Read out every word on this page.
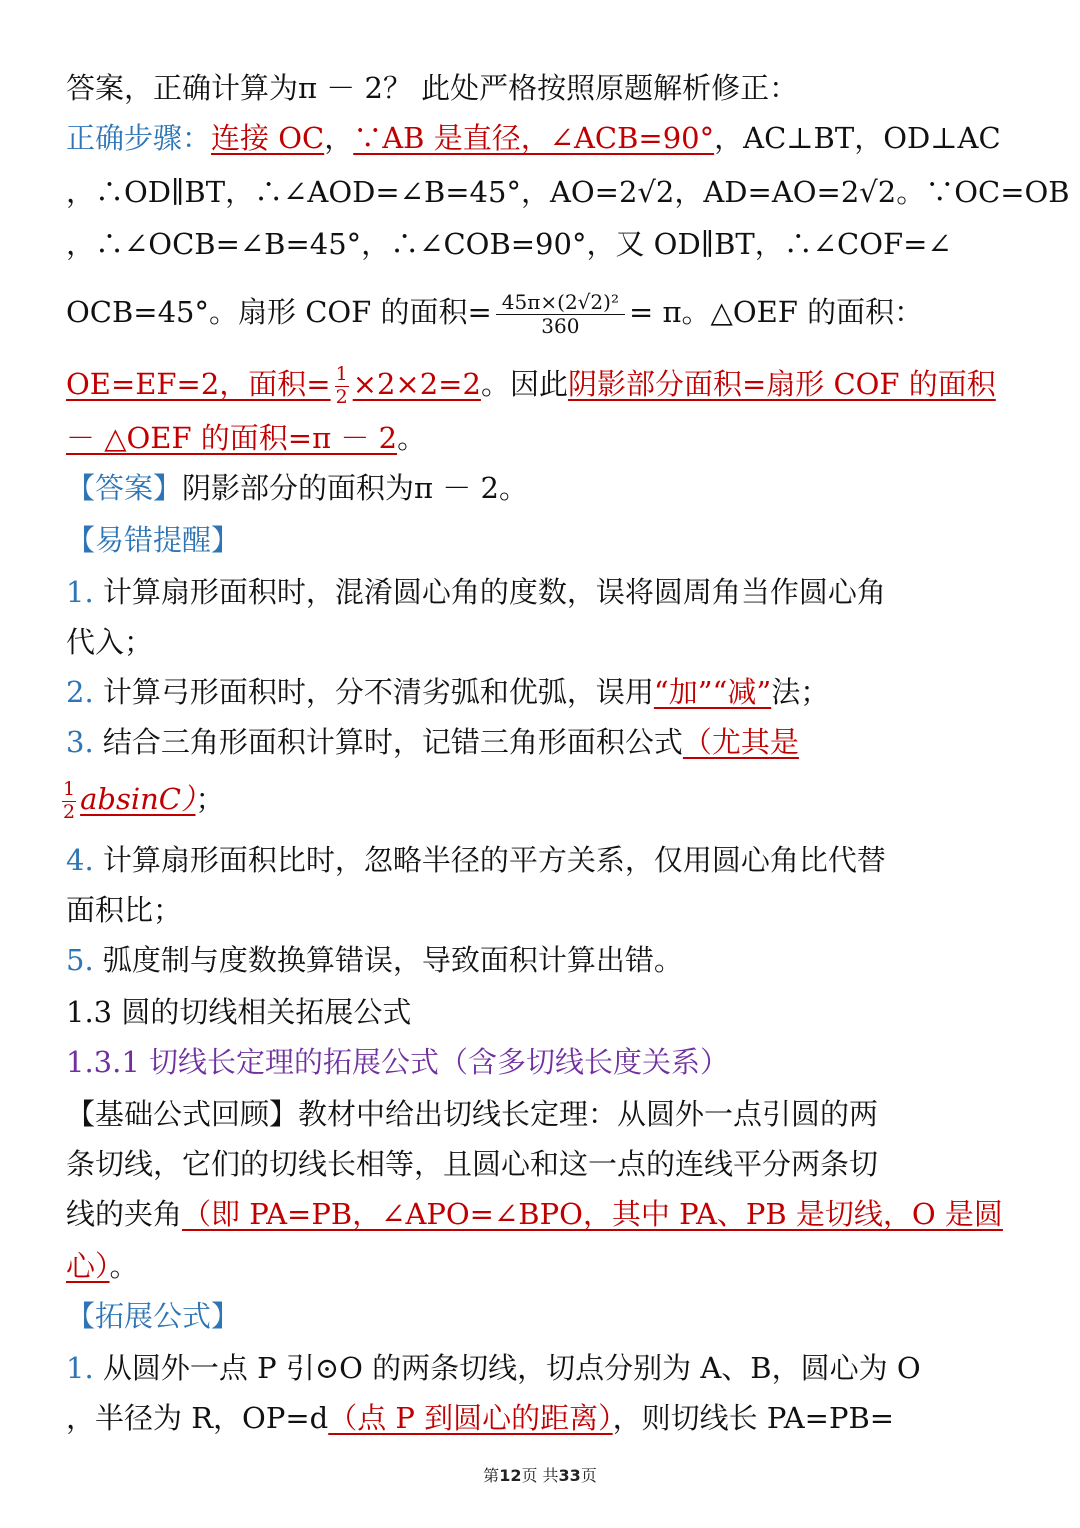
答案，正确计算为π － 2？ 此处严格按照原题解析修正：
正确步骤：连接 OC，∵AB 是直径，∠ACB=90°，AC⊥BT，OD⊥AC
，∴OD∥BT，∴∠AOD=∠B=45°，AO=2√2，AD=AO=2√2。∵OC=OB
，∴∠OCB=∠B=45°，∴∠COB=90°，又 OD∥BT，∴∠COF=∠
OCB=45°。扇形 COF 的面积= $\frac{\text{45π×(2√2)²}}{360} = \pi$。△OEF 的面积：
OE=EF=2，面积= $\frac{1}{2} \times 2\times 2=2$。因此阴影部分面积=扇形 COF 的面积
－ △OEF 的面积=π － 2。
【答案】阴影部分的面积为π － 2。
【易错提醒】
1. 计算扇形面积时，混淆圆心角的度数，误将圆周角当作圆心角
代入；
2. 计算弓形面积时，分不清劣弧和优弧，误用“加”“减”法；
3. 结合三角形面积计算时，记错三角形面积公式（尤其是
$\frac{1}{2} absinC$）；
4. 计算扇形面积比时，忽略半径的平方关系，仅用圆心角比代替
面积比；
5. 弧度制与度数换算错误，导致面积计算出错。
1.3 圆的切线相关拓展公式
1.3.1 切线长定理的拓展公式（含多切线长度关系）
【基础公式回顾】教材中给出切线长定理：从圆外一点引圆的两
条切线，它们的切线长相等，且圆心和这一点的连线平分两条切
线的夹角（即 PA=PB，∠APO=∠BPO，其中 PA、PB 是切线，O 是圆
心）。
【拓展公式】
1. 从圆外一点 P 引⊙O 的两条切线，切点分别为 A、B，圆心为 O
，半径为 R，OP=d（点 P 到圆心的距离），则切线长 PA=PB=
第12页 共33页
